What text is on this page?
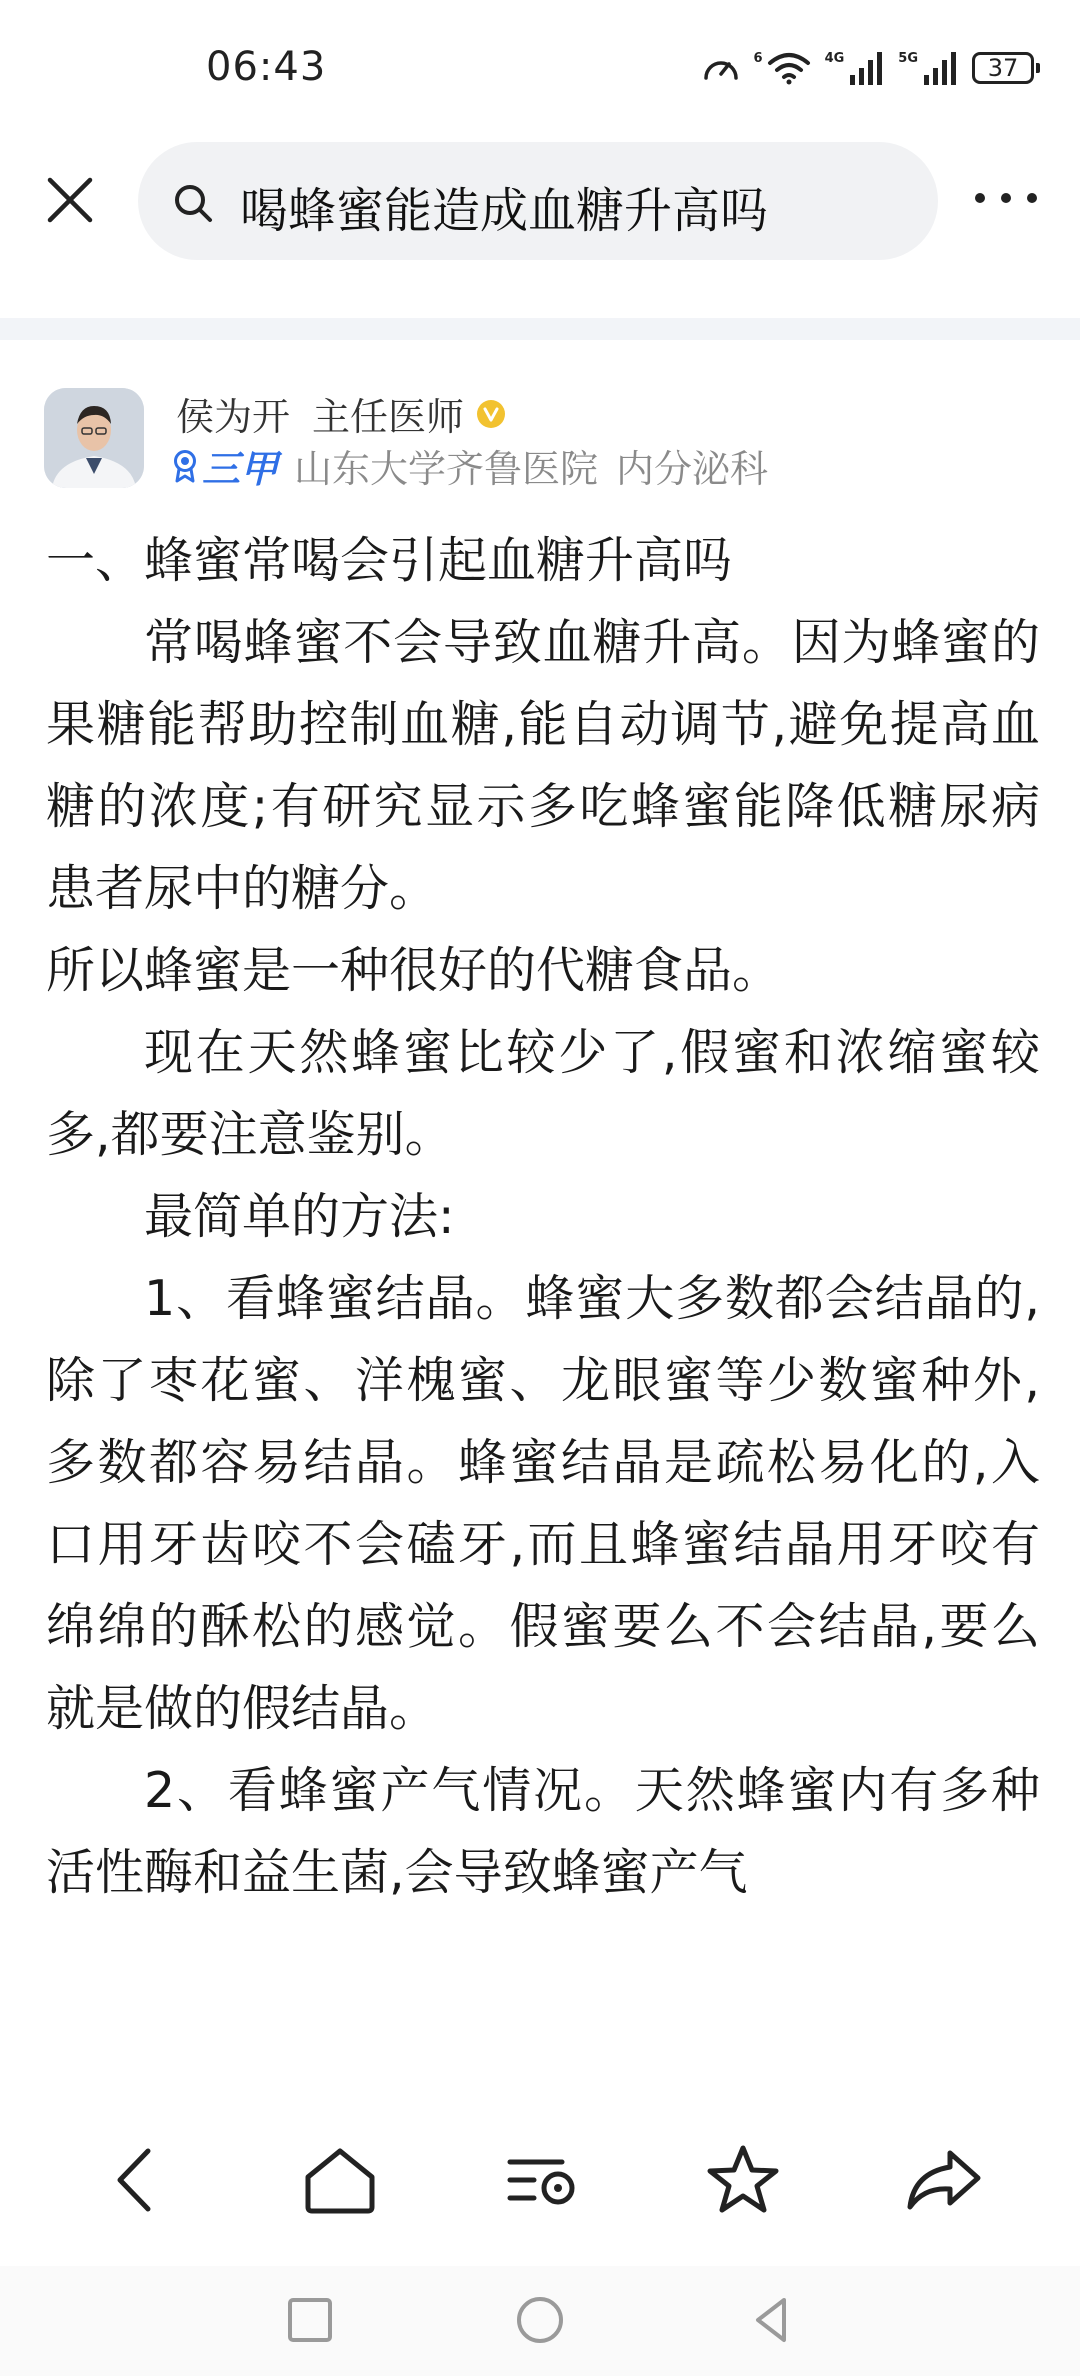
06:43	6	4G	5G	37
喝蜂蜜能造成血糖升高吗
侯为开 主任医师
三甲 山东大学齐鲁医院 内分泌科

一、蜂蜜常喝会引起血糖升高吗

常喝蜂蜜不会导致血糖升高。因为蜂蜜的果糖能帮助控制血糖,能自动调节,避免提高血糖的浓度;有研究显示多吃蜂蜜能降低糖尿病患者尿中的糖分。

所以蜂蜜是一种很好的代糖食品。

现在天然蜂蜜比较少了,假蜜和浓缩蜜较多,都要注意鉴别。

最简单的方法:

1、看蜂蜜结晶。蜂蜜大多数都会结晶的,除了枣花蜜、洋槐蜜、龙眼蜜等少数蜜种外,多数都容易结晶。蜂蜜结晶是疏松易化的,入口用牙齿咬不会磕牙,而且蜂蜜结晶用牙咬有绵绵的酥松的感觉。假蜜要么不会结晶,要么就是做的假结晶。

2、看蜂蜜产气情况。天然蜂蜜内有多种活性酶和益生菌,会导致蜂蜜产气
